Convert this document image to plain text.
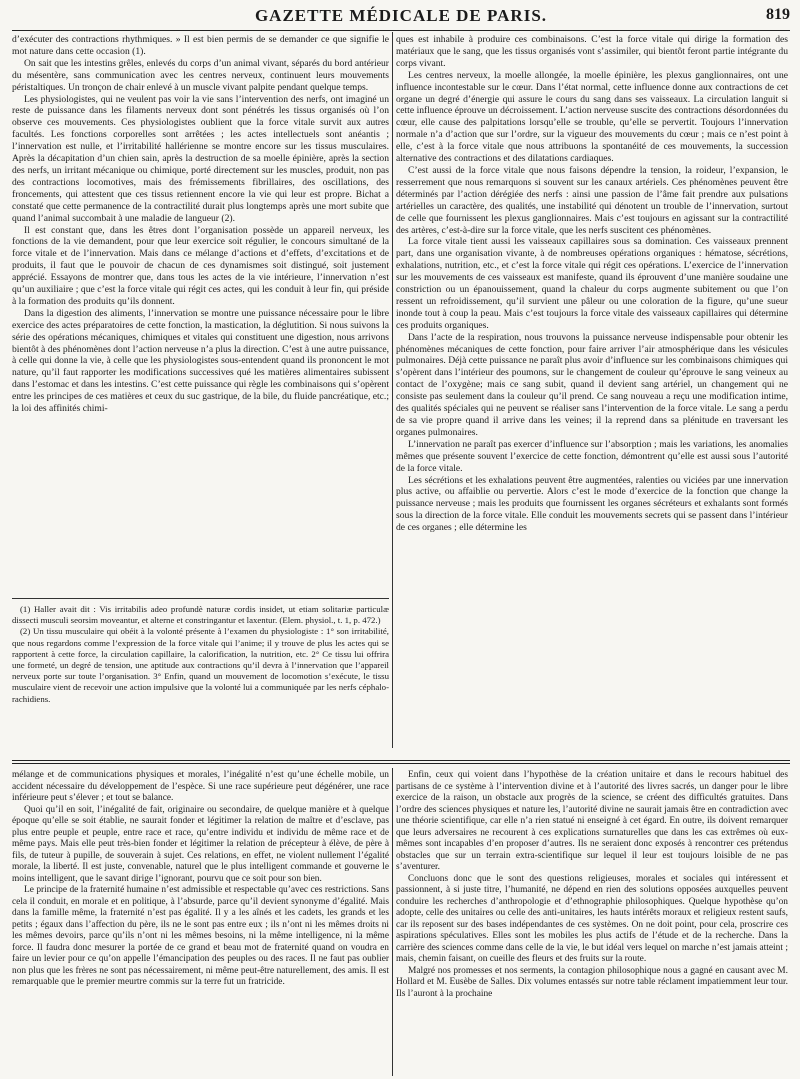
GAZETTE MÉDICALE DE PARIS.	819

d’exécuter des contractions rhythmiques. » Il est bien permis de se demander ce que signifie le mot nature dans cette occasion (1).

On sait que les intestins grêles, enlevés du corps d’un animal vivant, séparés du bord antérieur du mésentère, sans communication avec les centres nerveux, continuent leurs mouvements péristaltiques. Un tronçon de chair enlevé à un muscle vivant palpite pendant quelque temps.

Les physiologistes, qui ne veulent pas voir la vie sans l’intervention des nerfs, ont imaginé un reste de puissance dans les filaments nerveux dont sont pénétrés les tissus organisés où l’on observe ces mouvements. Ces physiologistes oublient que la force vitale survit aux autres facultés. Les fonctions corporelles sont arrêtées ; les actes intellectuels sont anéantis ; l’innervation est nulle, et l’irritabilité hallérienne se montre encore sur les tissus musculaires. Après la décapitation d’un chien sain, après la destruction de sa moelle épinière, après la section des nerfs, un irritant mécanique ou chimique, porté directement sur les muscles, produit, non pas des contractions locomotives, mais des frémissements fibrillaires, des oscillations, des froncements, qui attestent que ces tissus retiennent encore la vie qui leur est propre. Bichat a constaté que cette permanence de la contractilité durait plus longtemps après une mort subite que quand l’animal succombait à une maladie de langueur (2).

Il est constant que, dans les êtres dont l’organisation possède un appareil nerveux, les fonctions de la vie demandent, pour que leur exercice soit régulier, le concours simultané de la force vitale et de l’innervation. Mais dans ce mélange d’actions et d’effets, d’excitations et de produits, il faut que le pouvoir de chacun de ces dynamismes soit distingué, soit justement apprécié. Essayons de montrer que, dans tous les actes de la vie intérieure, l’innervation n’est qu’un auxiliaire ; que c’est la force vitale qui régit ces actes, qui les conduit à leur fin, qui préside à la formation des produits qu’ils donnent.

Dans la digestion des aliments, l’innervation se montre une puissance nécessaire pour le libre exercice des actes préparatoires de cette fonction, la mastication, la déglutition. Si nous suivons la série des opérations mécaniques, chimiques et vitales qui constituent une digestion, nous arrivons bientôt à des phénomènes dont l’action nerveuse n’a plus la direction. C’est à une autre puissance, à celle qui donne la vie, à celle que les physiologistes sous-entendent quand ils prononcent le mot nature, qu’il faut rapporter les modifications successives qué les matières alimentaires subissent dans l’estomac et dans les intestins. C’est cette puissance qui règle les combinaisons qui s’opèrent entre les principes de ces matières et ceux du suc gastrique, de la bile, du fluide pancréatique, etc.; la loi des affinités chimi-

(1) Haller avait dit : Vis irritabilis adeo profundè naturæ cordis insidet, ut etiam solitariæ particulæ dissecti musculi seorsim moveantur, et alterne et constringantur et laxentur. (Elem. physiol., t. 1, p. 472.)

(2) Un tissu musculaire qui obéit à la volonté présente à l’examen du physiologiste : 1° son irritabilité, que nous regardons comme l’expression de la force vitale qui l’anime; il y trouve de plus les actes qui se rapportent à cette force, la circulation capillaire, la calorification, la nutrition, etc. 2° Ce tissu lui offrira une formeté, un degré de tension, une aptitude aux contractions qu’il devra à l’innervation que l’appareil nerveux porte sur toute l’organisation. 3° Enfin, quand un mouvement de locomotion s’exécute, le tissu musculaire vient de recevoir une action impulsive que la volonté lui a communiquée par les nerfs céphalo-rachidiens.

ques est inhabile à produire ces combinaisons. C’est la force vitale qui dirige la formation des matériaux que le sang, que les tissus organisés vont s’assimiler, qui bientôt feront partie intégrante du corps vivant.

Les centres nerveux, la moelle allongée, la moelle épinière, les plexus ganglionnaires, ont une influence incontestable sur le cœur. Dans l’état normal, cette influence donne aux contractions de cet organe un degré d’énergie qui assure le cours du sang dans ses vaisseaux. La circulation languit si cette influence éprouve un décroissement. L’action nerveuse suscite des contractions désordonnées du cœur, elle cause des palpitations lorsqu’elle se trouble, qu’elle se pervertit. Toujours l’innervation normale n’a d’action que sur l’ordre, sur la vigueur des mouvements du cœur ; mais ce n’est point à elle, c’est à la force vitale que nous attribuons la spontanéité de ces mouvements, la succession alternative des contractions et des dilatations cardiaques.

C’est aussi de la force vitale que nous faisons dépendre la tension, la roideur, l’expansion, le resserrement que nous remarquons si souvent sur les canaux artériels. Ces phénomènes peuvent être déterminés par l’action dérégiée des nerfs : ainsi une passion de l’âme fait prendre aux pulsations artérielles un caractère, des qualités, une instabilité qui dénotent un trouble de l’innervation, surtout de celle que fournissent les plexus ganglionnaires. Mais c’est toujours en agissant sur la contractilité des artères, c’est-à-dire sur la force vitale, que les nerfs suscitent ces phénomènes.

La force vitale tient aussi les vaisseaux capillaires sous sa domination. Ces vaisseaux prennent part, dans une organisation vivante, à de nombreuses opérations organiques : hématose, sécrétions, exhalations, nutrition, etc., et c’est la force vitale qui régit ces opérations. L’exercice de l’innervation sur les mouvements de ces vaisseaux est manifeste, quand ils éprouvent d’une manière soudaine une constriction ou un épanouissement, quand la chaleur du corps augmente subitement ou que l’on ressent un refroidissement, qu’il survient une pâleur ou une coloration de la figure, qu’une sueur inonde tout à coup la peau. Mais c’est toujours la force vitale des vaisseaux capillaires qui détermine ces produits organiques.

Dans l’acte de la respiration, nous trouvons la puissance nerveuse indispensable pour obtenir les phénomènes mécaniques de cette fonction, pour faire arriver l’air atmosphérique dans les vésicules pulmonaires. Déjà cette puissance ne paraît plus avoir d’influence sur les combinaisons chimiques qui s’opèrent dans l’intérieur des poumons, sur le changement de couleur qu’éprouve le sang veineux au contact de l’oxygène; mais ce sang subit, quand il devient sang artériel, un changement qui ne consiste pas seulement dans la couleur qu’il prend. Ce sang nouveau a reçu une modification intime, des qualités spéciales qui ne peuvent se réaliser sans l’intervention de la force vitale. Le sang a perdu de sa vie propre quand il arrive dans les veines; il la reprend dans sa plénitude en traversant les organes pulmonaires.

L’innervation ne paraît pas exercer d’influence sur l’absorption ; mais les variations, les anomalies mêmes que présente souvent l’exercice de cette fonction, démontrent qu’elle est aussi sous l’autorité de la force vitale.

Les sécrétions et les exhalations peuvent être augmentées, ralenties ou viciées par une innervation plus active, ou affaiblie ou pervertie. Alors c’est le mode d’exercice de la fonction que change la puissance nerveuse ; mais les produits que fournissent les organes sécréteurs et exhalants sont formés sous la direction de la force vitale. Elle conduit les mouvements secrets qui se passent dans l’intérieur de ces organes ; elle détermine les

mélange et de communications physiques et morales, l’inégalité n’est qu’une échelle mobile, un accident nécessaire du développement de l’espèce. Si une race supérieure peut dégénérer, une race inférieure peut s’élever ; et tout se balance.

Quoi qu’il en soit, l’inégalité de fait, originaire ou secondaire, de quelque manière et à quelque époque qu’elle se soit établie, ne saurait fonder et légitimer la relation de maître et d’esclave, pas plus entre peuple et peuple, entre race et race, qu’entre individu et individu de même race et de même pays. Mais elle peut très-bien fonder et légitimer la relation de précepteur à élève, de père à fils, de tuteur à pupille, de souverain à sujet. Ces relations, en effet, ne violent nullement l’égalité morale, la liberté. Il est juste, convenable, naturel que le plus intelligent commande et gouverne le moins intelligent, que le savant dirige l’ignorant, pourvu que ce soit pour son bien.

Le principe de la fraternité humaine n’est admissible et respectable qu’avec ces restrictions. Sans cela il conduit, en morale et en politique, à l’absurde, parce qu’il devient synonyme d’égalité. Mais dans la famille même, la fraternité n’est pas égalité. Il y a les aînés et les cadets, les grands et les petits ; égaux dans l’affection du père, ils ne le sont pas entre eux ; ils n’ont ni les mêmes droits ni les mêmes devoirs, parce qu’ils n’ont ni les mêmes besoins, ni la même intelligence, ni la même force. Il faudra donc mesurer la portée de ce grand et beau mot de fraternité quand on voudra en faire un levier pour ce qu’on appelle l’émancipation des peuples ou des races. Il ne faut pas oublier non plus que les frères ne sont pas nécessairement, ni même peut-être naturellement, des amis. Il est remarquable que le premier meurtre commis sur la terre fut un fratricide.

Enfin, ceux qui voient dans l’hypothèse de la création unitaire et dans le recours habituel des partisans de ce système à l’intervention divine et à l’autorité des livres sacrés, un danger pour le libre exercice de la raison, un obstacle aux progrès de la science, se créent des difficultés gratuites. Dans l’ordre des sciences physiques et nature les, l’autorité divine ne saurait jamais être en contradiction avec une théorie scientifique, car elle n’a rien statué ni enseigné à cet égard. En outre, ils doivent remarquer que leurs adversaires ne recourent à ces explications surnaturelles que dans les cas extrêmes où eux-mêmes sont incapables d’en proposer d’autres. Ils ne seraient donc exposés à rencontrer ces prétendus obstacles que sur un terrain extra-scientifique sur lequel il leur est toujours loisible de ne pas s’aventurer.

Concluons donc que le sont des questions religieuses, morales et sociales qui intéressent et passionnent, à si juste titre, l’humanité, ne dépend en rien des solutions opposées auxquelles peuvent conduire les recherches d’anthropologie et d’ethnographie philosophiques. Quelque hypothèse qu’on adopte, celle des unitaires ou celle des anti-unitaires, les hauts intérêts moraux et religieux restent saufs, car ils reposent sur des bases indépendantes de ces systèmes. On ne doit point, pour cela, proscrire ces aspirations spéculatives. Elles sont les mobiles les plus actifs de l’étude et de la recherche. Dans la carrière des sciences comme dans celle de la vie, le but idéal vers lequel on marche n’est jamais atteint ; mais, chemin faisant, on cueille des fleurs et des fruits sur la route.

Malgré nos promesses et nos serments, la contagion philosophique nous a gagné en causant avec M. Hollard et M. Eusèbe de Salles. Dix volumes entassés sur notre table réclament impatiemment leur tour. Ils l’auront à la prochaine
